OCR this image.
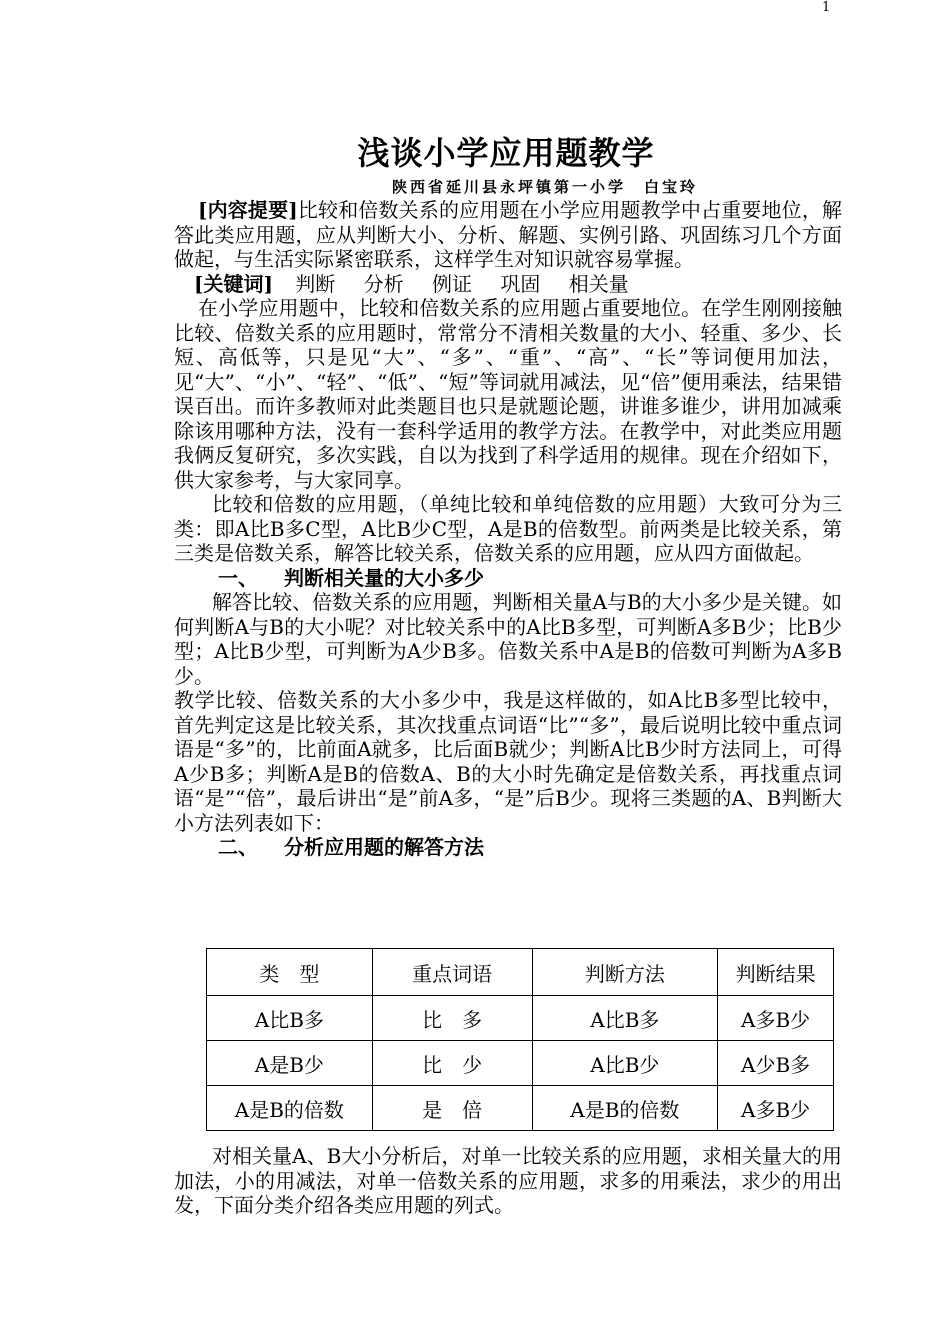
1
浅谈小学应用题教学
陕西省延川县永坪镇第一小学　白宝玲

[内容提要]比较和倍数关系的应用题在小学应用题教学中占重要地位，解答此类应用题，应从判断大小、分析、解题、实例引路、巩固练习几个方面做起，与生活实际紧密联系，这样学生对知识就容易掌握。

[关键词] 判断 分析 例证 巩固 相关量

在小学应用题中，比较和倍数关系的应用题占重要地位。在学生刚刚接触比较、倍数关系的应用题时，常常分不清相关数量的大小、轻重、多少、长短、高低等，只是见“大”、“多”、“重”、“高”、“长”等词便用加法，见“大”、“小”、“轻”、“低”、“短”等词就用减法，见“倍”便用乘法，结果错误百出。而许多教师对此类题目也只是就题论题，讲谁多谁少，讲用加减乘除该用哪种方法，没有一套科学适用的教学方法。在教学中，对此类应用题我俩反复研究，多次实践，自以为找到了科学适用的规律。现在介绍如下，供大家参考，与大家同享。

比较和倍数的应用题，（单纯比较和单纯倍数的应用题）大致可分为三类：即A比B多C型，A比B少C型，A是B的倍数型。前两类是比较关系，第三类是倍数关系，解答比较关系，倍数关系的应用题，应从四方面做起。

一、 判断相关量的大小多少

解答比较、倍数关系的应用题，判断相关量A与B的大小多少是关键。如何判断A与B的大小呢？对比较关系中的A比B多型，可判断A多B少；比B少型；A比B少型，可判断为A少B多。倍数关系中A是B的倍数可判断为A多B少。

教学比较、倍数关系的大小多少中，我是这样做的，如A比B多型比较中，首先判定这是比较关系，其次找重点词语“比”“多”，最后说明比较中重点词语是“多”的，比前面A就多，比后面B就少；判断A比B少时方法同上，可得A少B多；判断A是B的倍数A、B的大小时先确定是倍数关系，再找重点词语“是”“倍”，最后讲出“是”前A多，“是”后B少。现将三类题的A、B判断大小方法列表如下：

二、 分析应用题的解答方法

类　型	重点词语	判断方法	判断结果
A比B多	比　多	A比B多	A多B少
A是B少	比　少	A比B少	A少B多
A是B的倍数	是　倍	A是B的倍数	A多B少

对相关量A、B大小分析后，对单一比较关系的应用题，求相关量大的用加法，小的用减法，对单一倍数关系的应用题，求多的用乘法，求少的用出发，下面分类介绍各类应用题的列式。
